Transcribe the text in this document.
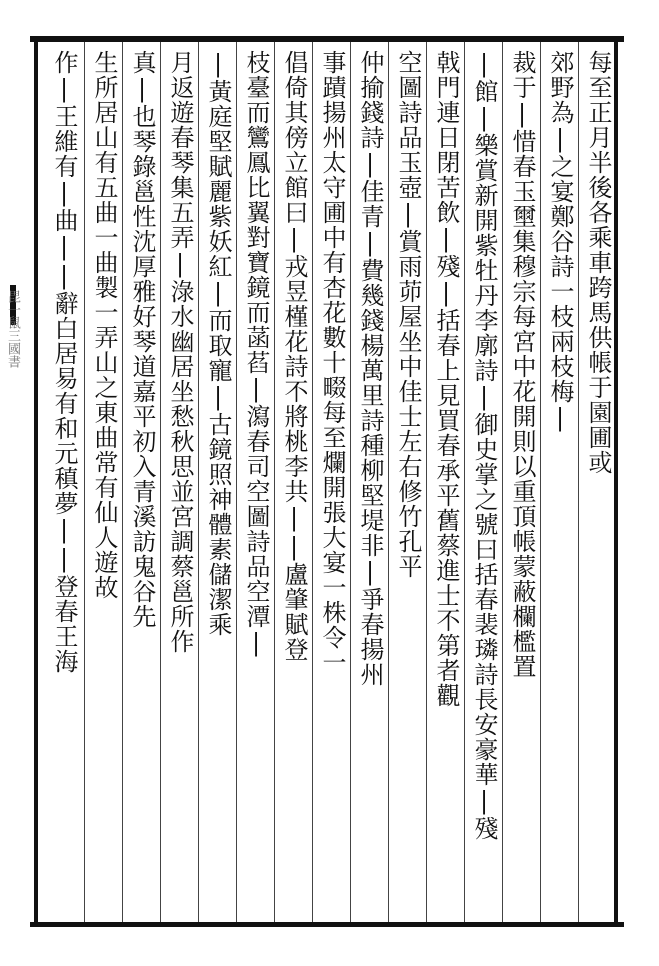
毘一鼠三國書	每至正月半後各乘車跨馬供帳于園圃或
郊野為|之宴鄭谷詩一枝兩枝梅|
裁于|惜春玉壐集穆宗每宮中花開則以重頂帳蒙蔽欄檻置
|館|樂賞新開紫牡丹李廓詩|御史掌之號曰括春裴璘詩長安豪華|殘
戟門連日閉苦飲|殘|括春上見買春承平舊蔡進士不第者觀
空圖詩品玉壺|賞雨茆屋坐中佳士左右修竹孔平
仲揄錢詩|佳青|費幾錢楊萬里詩種柳堅堤非|爭春揚州
事蹟揚州太守圃中有杏花數十畷每至爛開張大宴一株令一
倡倚其傍立館曰|戎昱槿花詩不將桃李共||盧肇賦登
枝臺而鸞鳳比翼對寶鏡而菡萏|瀉春司空圖詩品空潭|
|黃庭堅賦麗紫妖紅|而取寵|古鏡照神體素儲潔乘
月返遊春琴集五弄|淥水幽居坐愁秋思並宮調蔡邕所作
真|也琴錄邕性沈厚雅好琴道嘉平初入青溪訪鬼谷先
生所居山有五曲一曲製一弄山之東曲常有仙人遊故
作|王維有|曲||辭白居易有和元稹夢||登春王海
